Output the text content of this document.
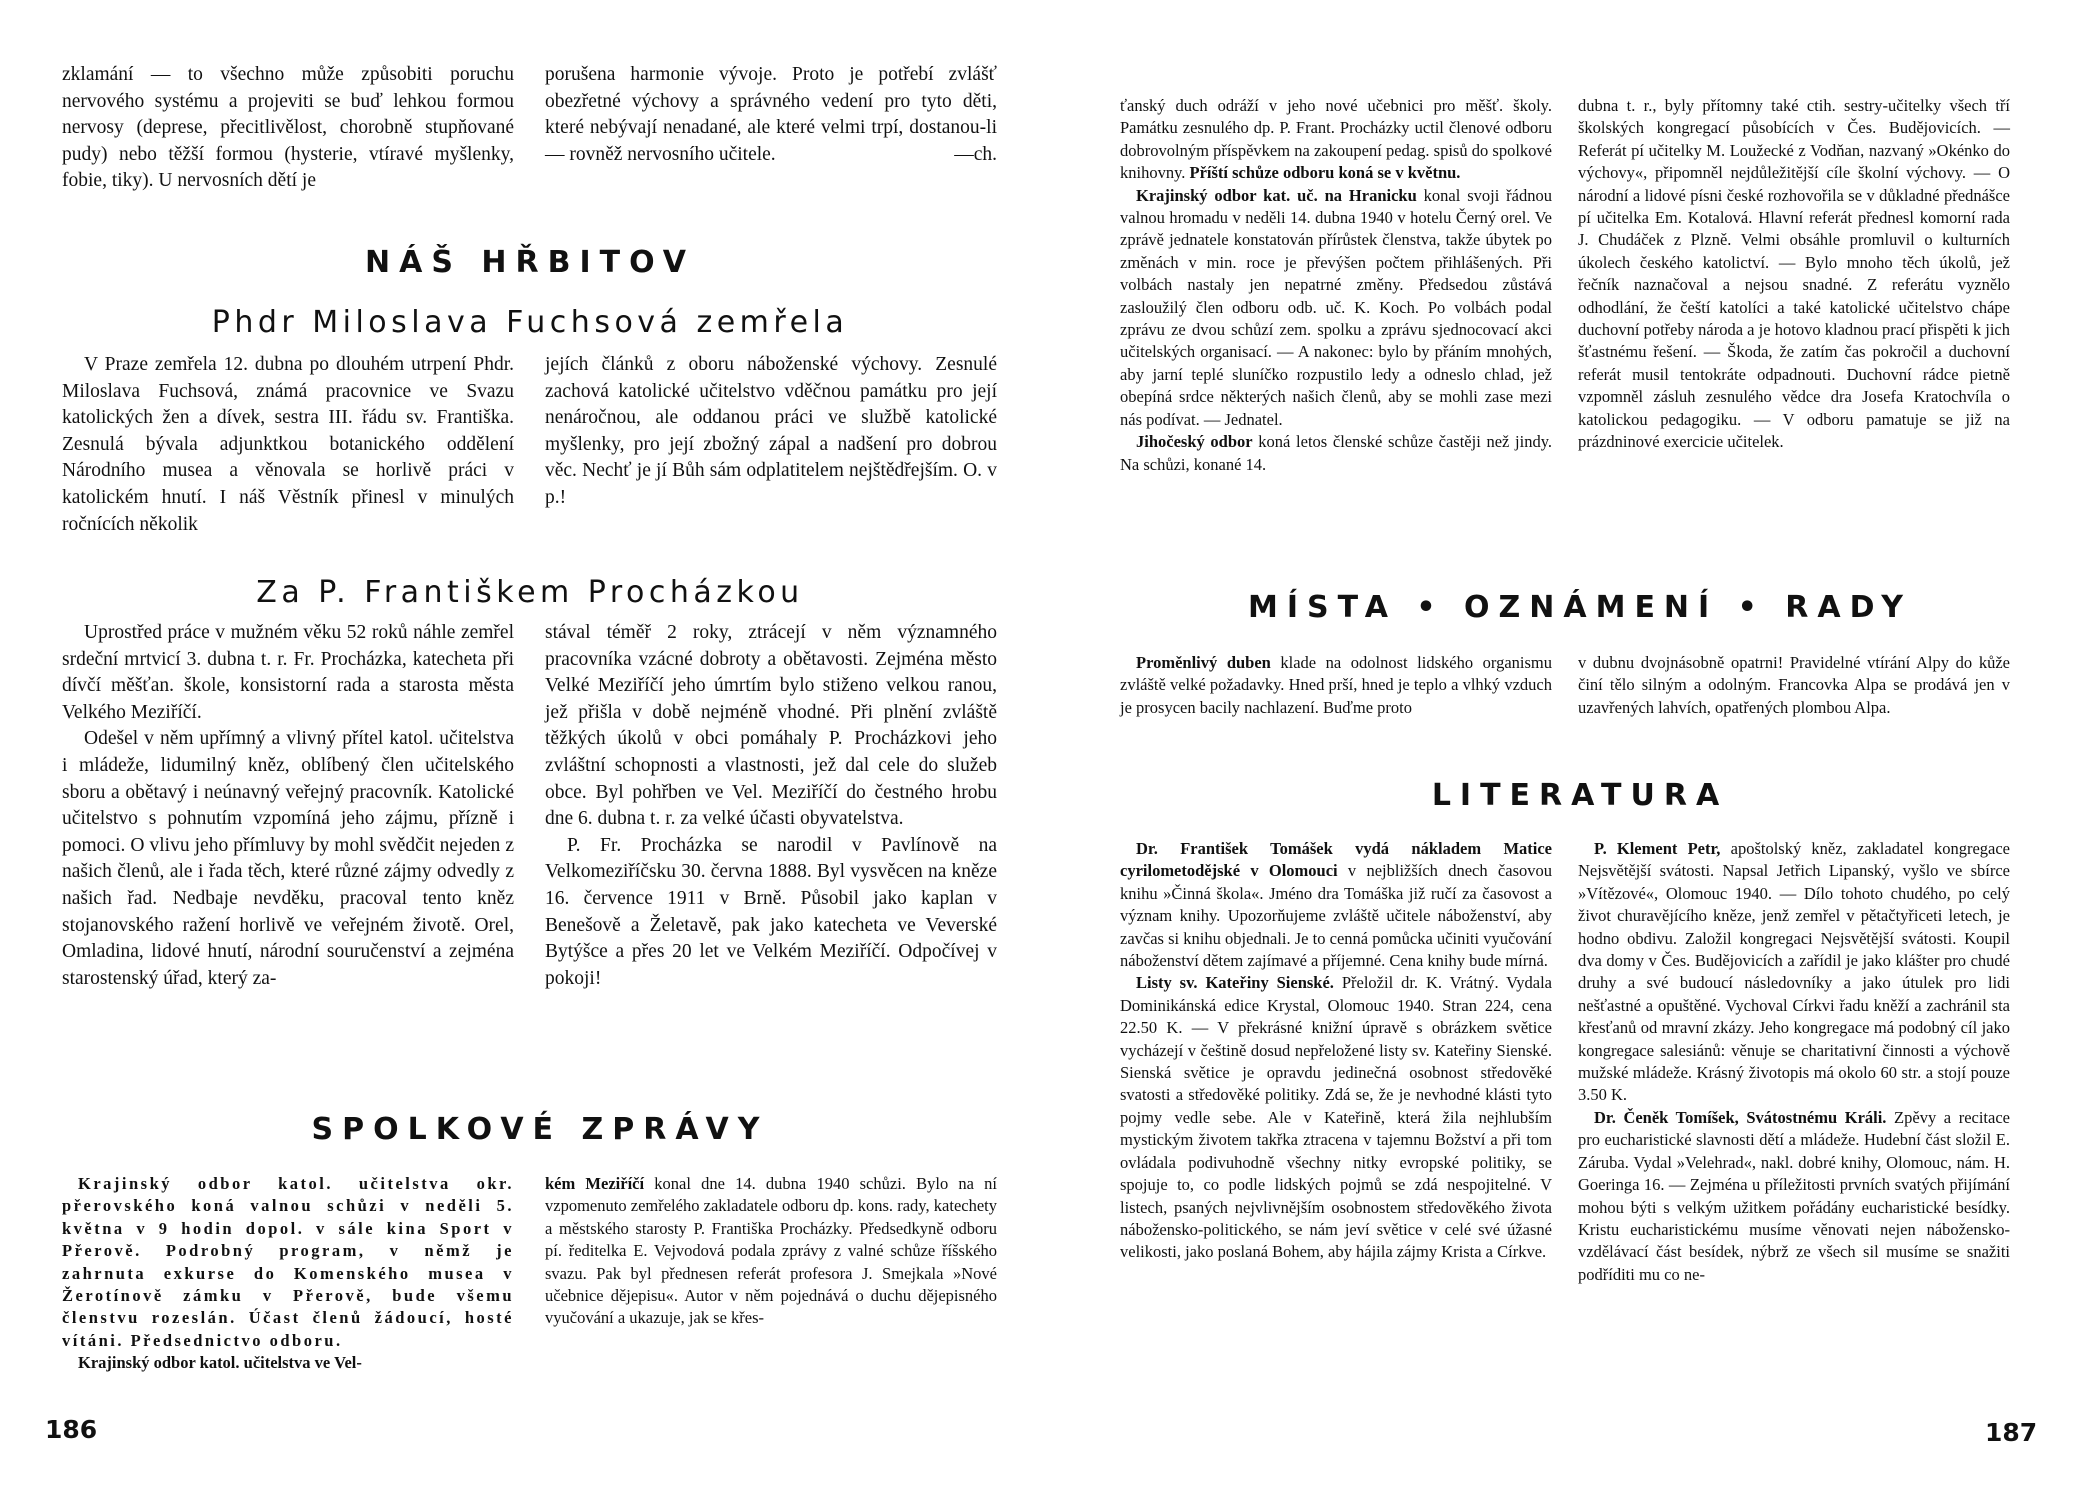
zklamání — to všechno může způsobiti poruchu nervového systému a projeviti se buď lehkou formou nervosy (deprese, přecitlivělost, chorobně stupňované pudy) nebo těžší formou (hysterie, vtíravé myšlenky, fobie, tiky). U nervosních dětí je

porušena harmonie vývoje. Proto je potřebí zvlášť obezřetné výchovy a správného vedení pro tyto děti, které nebývají nenadané, ale které velmi trpí, dostanou-li — rovněž nervosního učitele.	—ch.

NÁŠ HŘBITOV
Phdr Miloslava Fuchsová zemřela

V Praze zemřela 12. dubna po dlouhém utrpení Phdr. Miloslava Fuchsová, známá pracovnice ve Svazu katolických žen a dívek, sestra III. řádu sv. Františka. Zesnulá bývala adjunktkou botanického oddělení Národního musea a věnovala se horlivě práci v katolickém hnutí. I náš Věstník přinesl v minulých ročnících několik

jejích článků z oboru náboženské výchovy. Zesnulé zachová katolické učitelstvo vděčnou památku pro její nenáročnou, ale oddanou práci ve službě katolické myšlenky, pro její zbožný zápal a nadšení pro dobrou věc. Nechť je jí Bůh sám odplatitelem nejštědřejším. O. v p.!

Za P. Františkem Procházkou

Uprostřed práce v mužném věku 52 roků náhle zemřel srdeční mrtvicí 3. dubna t. r. Fr. Procházka, katecheta při dívčí měšťan. škole, konsistorní rada a starosta města Velkého Meziříčí.

Odešel v něm upřímný a vlivný přítel katol. učitelstva i mládeže, lidumilný kněz, oblíbený člen učitelského sboru a obětavý i neúnavný veřejný pracovník. Katolické učitelstvo s pohnutím vzpomíná jeho zájmu, přízně i pomoci. O vlivu jeho přímluvy by mohl svědčit nejeden z našich členů, ale i řada těch, které různé zájmy odvedly z našich řad. Nedbaje nevděku, pracoval tento kněz stojanovského ražení horlivě ve veřejném životě. Orel, Omladina, lidové hnutí, národní souručenství a zejména starostenský úřad, který za-

stával téměř 2 roky, ztrácejí v něm významného pracovníka vzácné dobroty a obětavosti. Zejména město Velké Meziříčí jeho úmrtím bylo stiženo velkou ranou, jež přišla v době nejméně vhodné. Při plnění zvláště těžkých úkolů v obci pomáhaly P. Procházkovi jeho zvláštní schopnosti a vlastnosti, jež dal cele do služeb obce. Byl pohřben ve Vel. Meziříčí do čestného hrobu dne 6. dubna t. r. za velké účasti obyvatelstva.

P. Fr. Procházka se narodil v Pavlínově na Velkomeziříčsku 30. června 1888. Byl vysvěcen na kněze 16. července 1911 v Brně. Působil jako kaplan v Benešově a Želetavě, pak jako katecheta ve Veverské Bytýšce a přes 20 let ve Velkém Meziříčí. Odpočívej v pokoji!

SPOLKOVÉ ZPRÁVY

Krajinský odbor katol. učitelstva okr. přerovského koná valnou schůzi v neděli 5. května v 9 hodin dopol. v sále kina Sport v Přerově. Podrobný program, v němž je zahrnuta exkurse do Komenského musea v Žerotínově zámku v Přerově, bude všemu členstvu rozeslán. Účast členů žádoucí, hosté vítáni. Předsednictvo odboru.

Krajinský odbor katol. učitelstva ve Vel-

kém Meziříčí konal dne 14. dubna 1940 schůzi. Bylo na ní vzpomenuto zemřelého zakladatele odboru dp. kons. rady, katechety a městského starosty P. Františka Procházky. Předsedkyně odboru pí. ředitelka E. Vejvodová podala zprávy z valné schůze říšského svazu. Pak byl přednesen referát profesora J. Smejkala »Nové učebnice dějepisu«. Autor v něm pojednává o duchu dějepisného vyučování a ukazuje, jak se křes-

186

ťanský duch odráží v jeho nové učebnici pro měšť. školy. Památku zesnulého dp. P. Frant. Procházky uctil členové odboru dobrovolným příspěvkem na zakoupení pedag. spisů do spolkové knihovny. Příští schůze odboru koná se v květnu.

Krajinský odbor kat. uč. na Hranicku konal svoji řádnou valnou hromadu v neděli 14. dubna 1940 v hotelu Černý orel. Ve zprávě jednatele konstatován přírůstek členstva, takže úbytek po změnách v min. roce je převýšen počtem přihlášených. Při volbách nastaly jen nepatrné změny. Předsedou zůstává zasloužilý člen odboru odb. uč. K. Koch. Po volbách podal zprávu ze dvou schůzí zem. spolku a zprávu sjednocovací akci učitelských organisací. — A nakonec: bylo by přáním mnohých, aby jarní teplé sluníčko rozpustilo ledy a odneslo chlad, jež obepíná srdce některých našich členů, aby se mohli zase mezi nás podívat. — Jednatel.

Jihočeský odbor koná letos členské schůze častěji než jindy. Na schůzi, konané 14.

dubna t. r., byly přítomny také ctih. sestry-učitelky všech tří školských kongregací působících v Čes. Budějovicích. — Referát pí učitelky M. Loužecké z Vodňan, nazvaný »Okénko do výchovy«, připomněl nejdůležitější cíle školní výchovy. — O národní a lidové písni české rozhovořila se v důkladné přednášce pí učitelka Em. Kotalová. Hlavní referát přednesl komorní rada J. Chudáček z Plzně. Velmi obsáhle promluvil o kulturních úkolech českého katolictví. — Bylo mnoho těch úkolů, jež řečník naznačoval a nejsou snadné. Z referátu vyznělo odhodlání, že čeští katolíci a také katolické učitelstvo chápe duchovní potřeby národa a je hotovo kladnou prací přispěti k jich šťastnému řešení. — Škoda, že zatím čas pokročil a duchovní referát musil tentokráte odpadnouti. Duchovní rádce pietně vzpomněl zásluh zesnulého vědce dra Josefa Kratochvíla o katolickou pedagogiku. — V odboru pamatuje se již na prázdninové exercicie učitelek.

MÍSTA • OZNÁMENÍ • RADY

Proměnlivý duben klade na odolnost lidského organismu zvláště velké požadavky. Hned prší, hned je teplo a vlhký vzduch je prosycen bacily nachlazení. Buďme proto

v dubnu dvojnásobně opatrni! Pravidelné vtírání Alpy do kůže činí tělo silným a odolným. Francovka Alpa se prodává jen v uzavřených lahvích, opatřených plombou Alpa.

LITERATURA

Dr. František Tomášek vydá nákladem Matice cyrilometodějské v Olomouci v nejbližších dnech časovou knihu »Činná škola«. Jméno dra Tomáška již ručí za časovost a význam knihy. Upozorňujeme zvláště učitele náboženství, aby zavčas si knihu objednali. Je to cenná pomůcka učiniti vyučování náboženství dětem zajímavé a příjemné. Cena knihy bude mírná.

Listy sv. Kateřiny Sienské. Přeložil dr. K. Vrátný. Vydala Dominikánská edice Krystal, Olomouc 1940. Stran 224, cena 22.50 K. — V překrásné knižní úpravě s obrázkem světice vycházejí v češtině dosud nepřeložené listy sv. Kateřiny Sienské. Sienská světice je opravdu jedinečná osobnost středověké svatosti a středověké politiky. Zdá se, že je nevhodné klásti tyto pojmy vedle sebe. Ale v Kateřině, která žila nejhlubším mystickým životem takřka ztracena v tajemnu Božství a při tom ovládala podivuhodně všechny nitky evropské politiky, se spojuje to, co podle lidských pojmů se zdá nespojitelné. V listech, psaných nejvlivnějším osobnostem středověkého života nábožensko-politického, se nám jeví světice v celé své úžasné velikosti, jako poslaná Bohem, aby hájila zájmy Krista a Církve.

P. Klement Petr, apoštolský kněz, zakladatel kongregace Nejsvětější svátosti. Napsal Jetřich Lipanský, vyšlo ve sbírce »Vítězové«, Olomouc 1940. — Dílo tohoto chudého, po celý život churavějícího kněze, jenž zemřel v pětačtyřiceti letech, je hodno obdivu. Založil kongregaci Nejsvětější svátosti. Koupil dva domy v Čes. Budějovicích a zařídil je jako klášter pro chudé druhy a své budoucí následovníky a jako útulek pro lidi nešťastné a opuštěné. Vychoval Církvi řadu kněží a zachránil sta křesťanů od mravní zkázy. Jeho kongregace má podobný cíl jako kongregace salesiánů: věnuje se charitativní činnosti a výchově mužské mládeže. Krásný životopis má okolo 60 str. a stojí pouze 3.50 K.

Dr. Čeněk Tomíšek, Svátostnému Králi. Zpěvy a recitace pro eucharistické slavnosti dětí a mládeže. Hudební část složil E. Záruba. Vydal »Velehrad«, nakl. dobré knihy, Olomouc, nám. H. Goeringa 16. — Zejména u příležitosti prvních svatých přijímání mohou býti s velkým užitkem pořádány eucharistické besídky. Kristu eucharistickému musíme věnovati nejen nábožensko-vzdělávací část besídek, nýbrž ze všech sil musíme se snažiti podříditi mu co ne-

187
